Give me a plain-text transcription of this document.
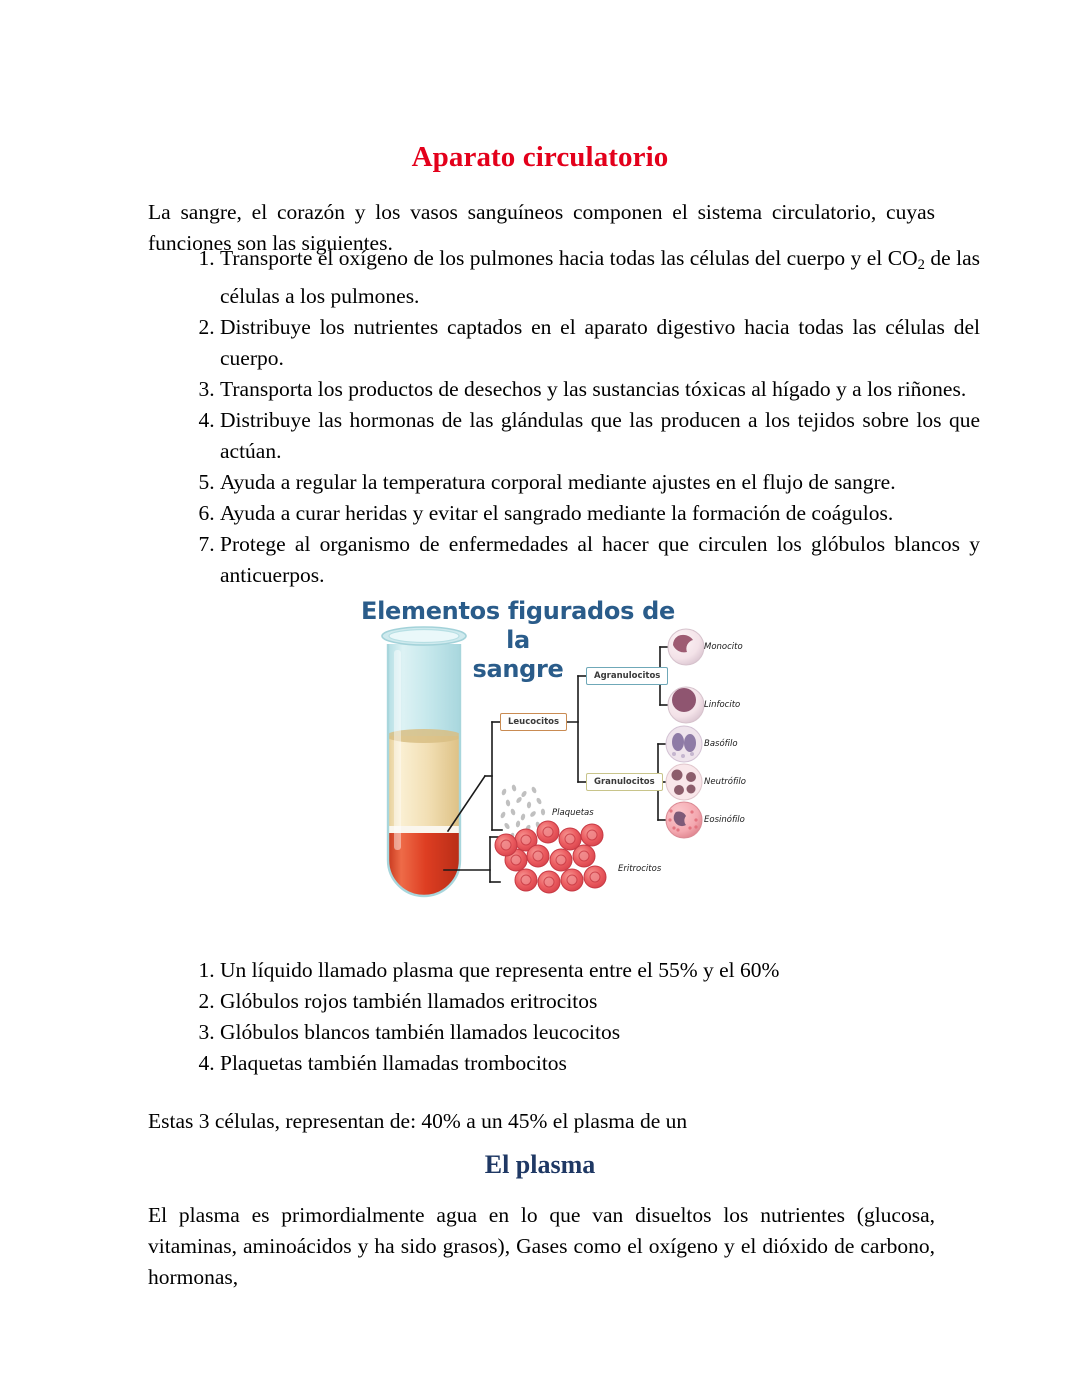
Aparato circulatorio

La sangre, el corazón y los vasos sanguíneos componen el sistema circulatorio, cuyas funciones son las siguientes.

1. Transporte el oxígeno de los pulmones hacia todas las células del cuerpo y el $CO_2$ de las células a los pulmones.
2. Distribuye los nutrientes captados en el aparato digestivo hacia todas las células del cuerpo.
3. Transporta los productos de desechos y las sustancias tóxicas al hígado y a los riñones.
4. Distribuye las hormonas de las glándulas que las producen a los tejidos sobre los que actúan.
5. Ayuda a regular la temperatura corporal mediante ajustes en el flujo de sangre.
6. Ayuda a curar heridas y evitar el sangrado mediante la formación de coágulos.
7. Protege al organismo de enfermedades al hacer que circulen los glóbulos blancos y anticuerpos.
Elementos figurados de la
sangre
Leucocitos
Agranulocitos
Granulocitos
Monocito
Linfocito
Basófilo
Neutrófilo
Eosinófilo
Plaquetas
Eritrocitos
1. Un líquido llamado plasma que representa entre el 55% y el 60%
2. Glóbulos rojos también llamados eritrocitos
3. Glóbulos blancos también llamados leucocitos
4. Plaquetas también llamadas trombocitos

Estas 3 células, representan de: 40% a un 45% el plasma de un

El plasma

El plasma es primordialmente agua en lo que van disueltos los nutrientes (glucosa, vitaminas, aminoácidos y ha sido grasos), Gases como el oxígeno y el dióxido de carbono, hormonas,
